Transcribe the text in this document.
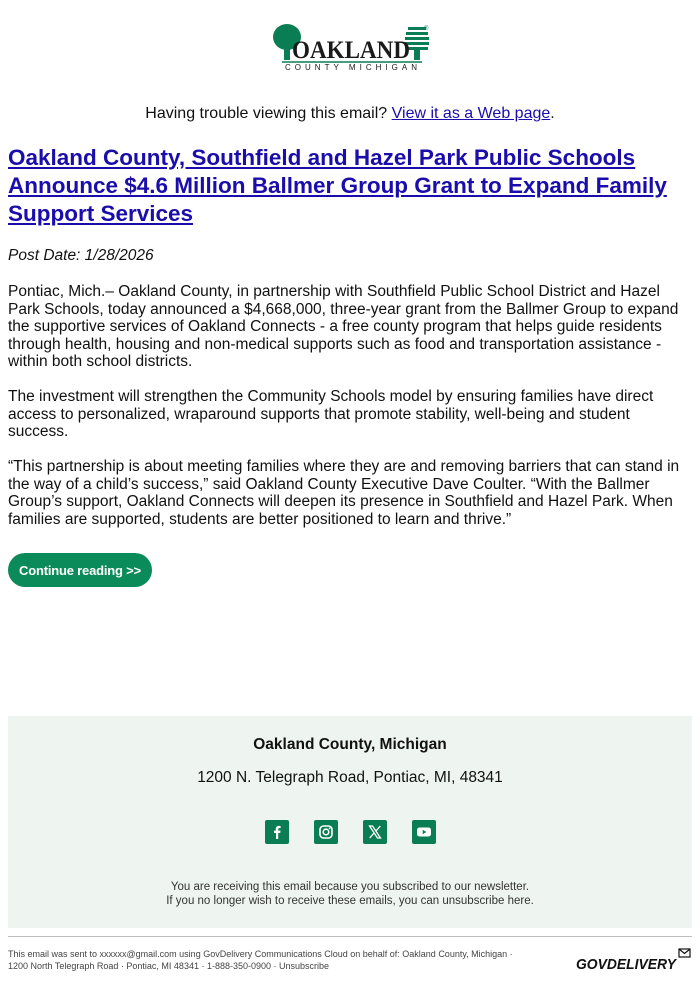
®
OAKLAND
COUNTY MICHIGAN
Having trouble viewing this email? View it as a Web page.
Oakland County, Southfield and Hazel Park Public Schools Announce $4.6 Million Ballmer Group Grant to Expand Family Support Services
Post Date: 1/28/2026

Pontiac, Mich.– Oakland County, in partnership with Southfield Public School District and Hazel Park Schools, today announced a $4,668,000, three-year grant from the Ballmer Group to expand the supportive services of Oakland Connects - a free county program that helps guide residents through health, housing and non-medical supports such as food and transportation assistance - within both school districts.

The investment will strengthen the Community Schools model by ensuring families have direct access to personalized, wraparound supports that promote stability, well-being and student success.

“This partnership is about meeting families where they are and removing barriers that can stand in the way of a child’s success,” said Oakland County Executive Dave Coulter. “With the Ballmer Group’s support, Oakland Connects will deepen its presence in Southfield and Hazel Park. When families are supported, students are better positioned to learn and thrive.”

Continue reading >>
Oakland County, Michigan
1200 N. Telegraph Road, Pontiac, MI, 48341
You are receiving this email because you subscribed to our newsletter.
If you no longer wish to receive these emails, you can unsubscribe here.
This email was sent to xxxxxx@gmail.com using GovDelivery Communications Cloud on behalf of: Oakland County, Michigan ·
1200 North Telegraph Road · Pontiac, MI 48341 · 1-888-350-0900 · Unsubscribe	GOVDELIVERY
